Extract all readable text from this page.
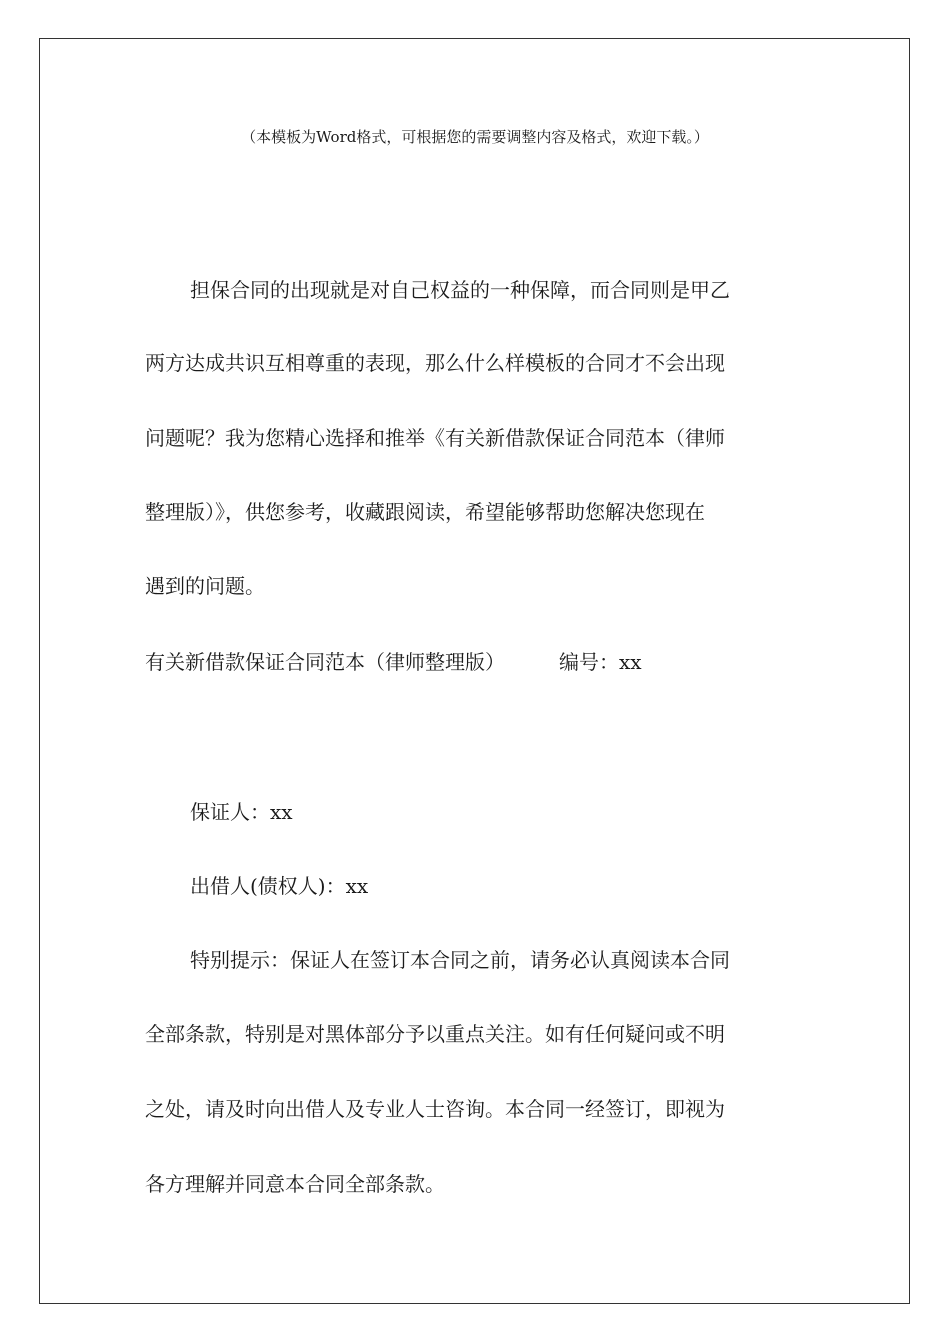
（本模板为Word格式，可根据您的需要调整内容及格式，欢迎下载。）
担保合同的出现就是对自己权益的一种保障，而合同则是甲乙
两方达成共识互相尊重的表现，那么什么样模板的合同才不会出现
问题呢？我为您精心选择和推举《有关新借款保证合同范本（律师
整理版）》，供您参考，收藏跟阅读，希望能够帮助您解决您现在
遇到的问题。
有关新借款保证合同范本（律师整理版）	编号：xx
保证人：xx
出借人(债权人)：xx
特别提示：保证人在签订本合同之前，请务必认真阅读本合同
全部条款，特别是对黑体部分予以重点关注。如有任何疑问或不明
之处，请及时向出借人及专业人士咨询。本合同一经签订，即视为
各方理解并同意本合同全部条款。
